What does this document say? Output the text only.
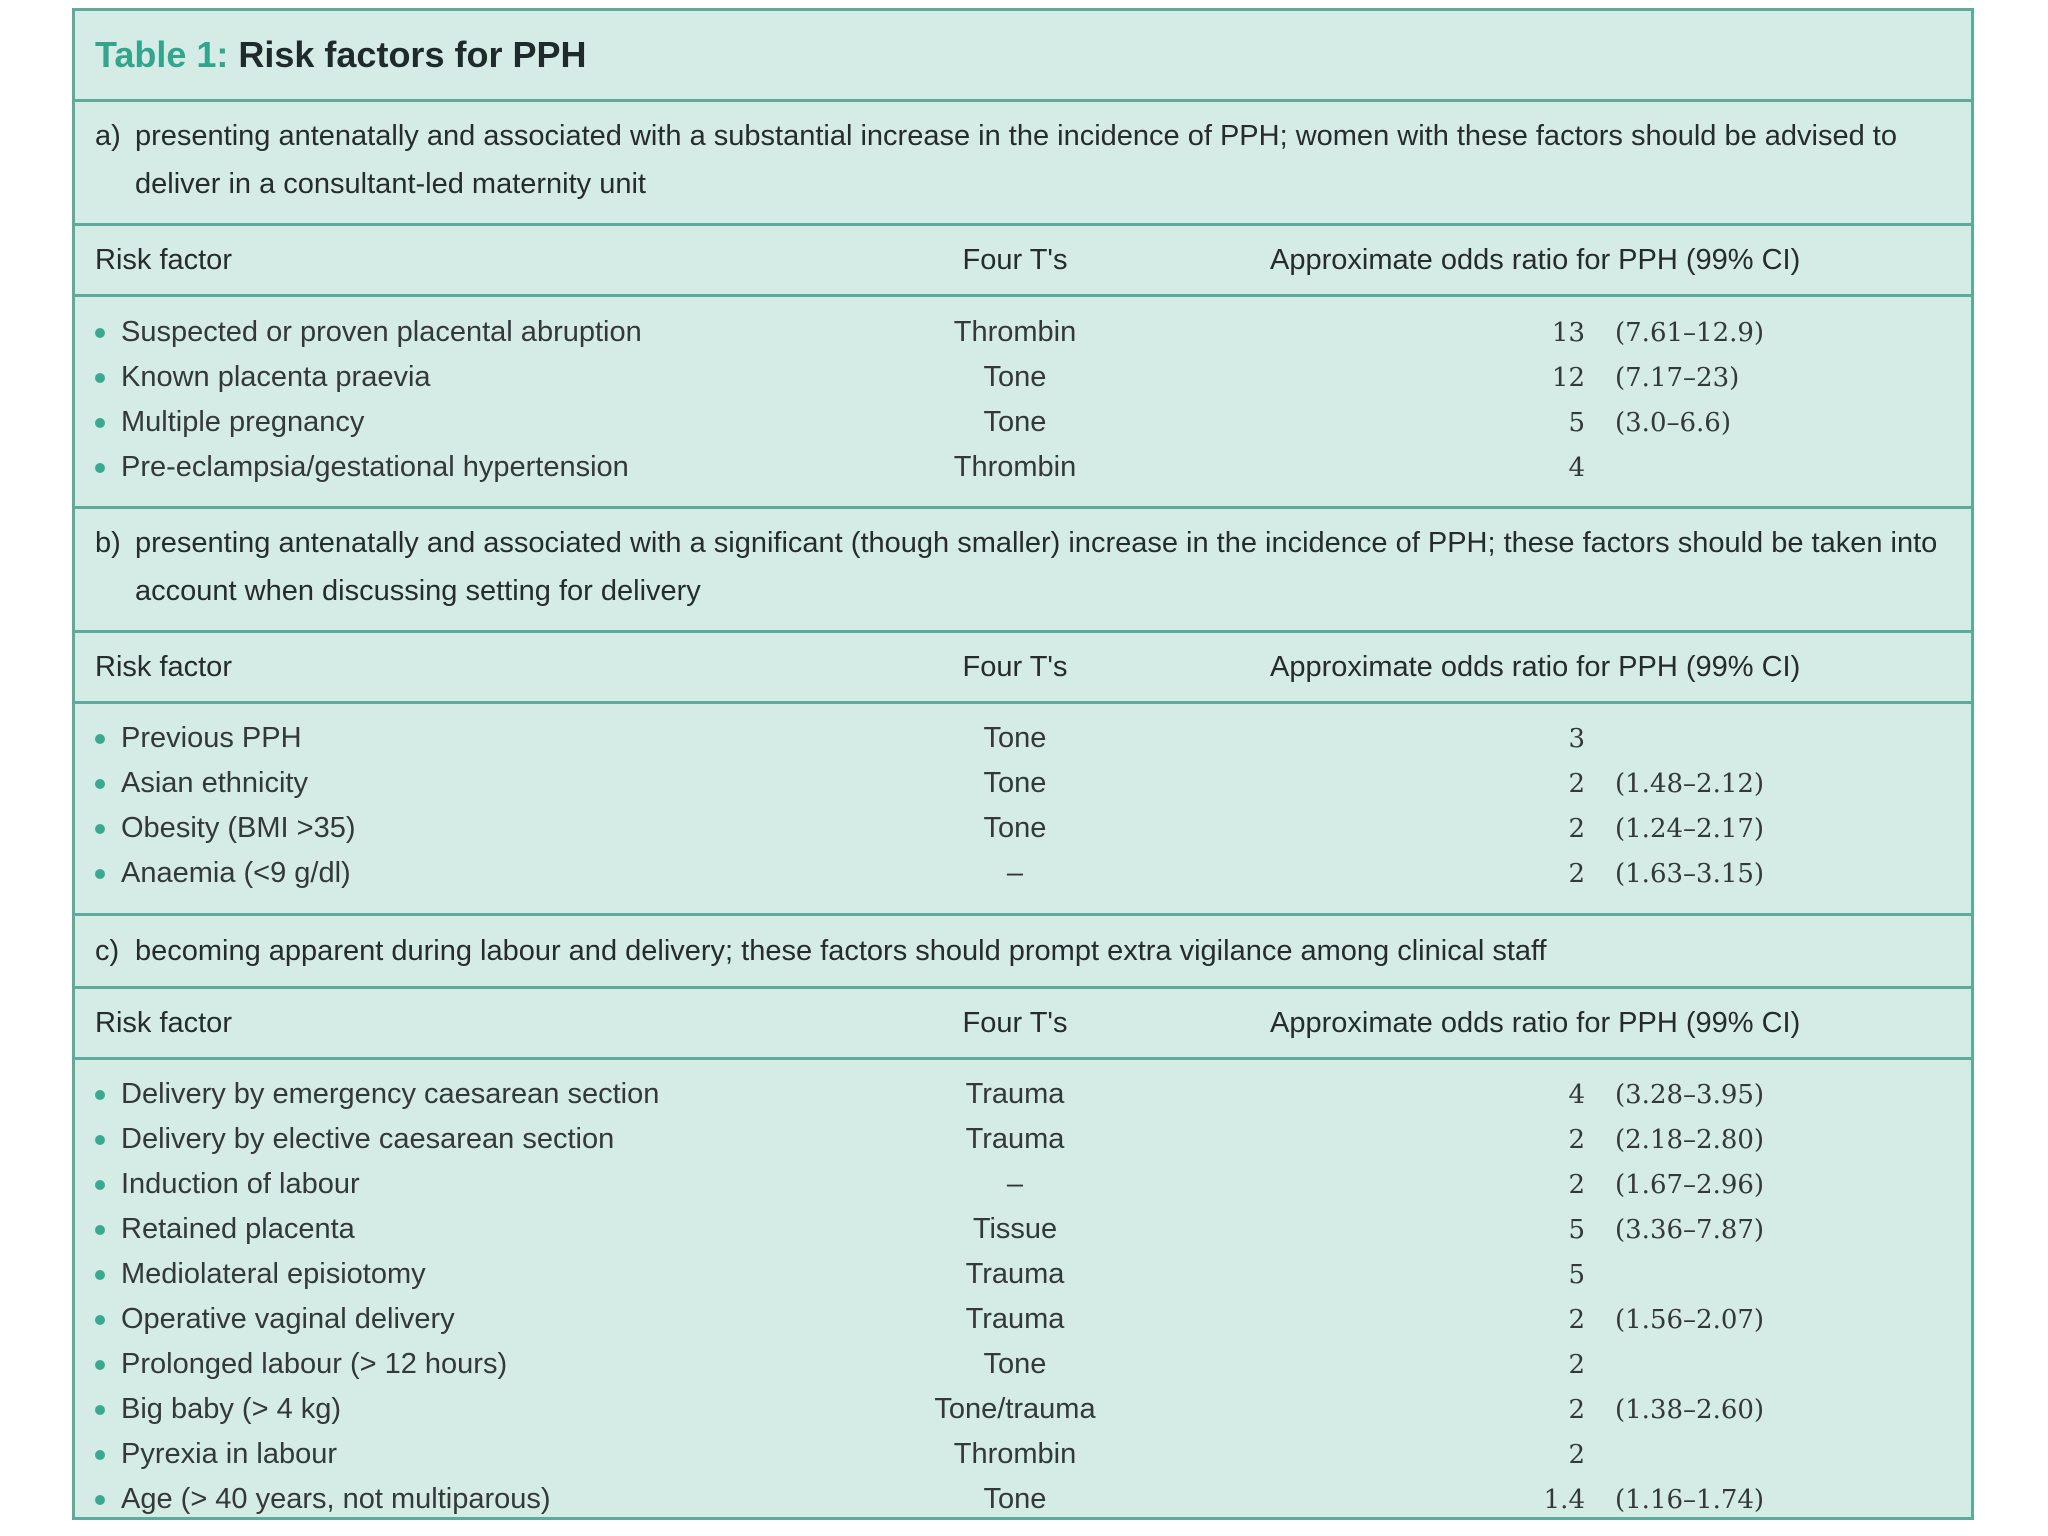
Table 1: Risk factors for PPH
a) presenting antenatally and associated with a substantial increase in the incidence of PPH; women with these factors should be advised to deliver in a consultant-led maternity unit
Risk factor	Four T's	Approximate odds ratio for PPH (99% CI)
Suspected or proven placental abruption	Thrombin	13	(7.61–12.9)
Known placenta praevia	Tone	12	(7.17–23)
Multiple pregnancy	Tone	5	(3.0–6.6)
Pre-eclampsia/gestational hypertension	Thrombin	4
b) presenting antenatally and associated with a significant (though smaller) increase in the incidence of PPH; these factors should be taken into account when discussing setting for delivery
Risk factor	Four T's	Approximate odds ratio for PPH (99% CI)
Previous PPH	Tone	3
Asian ethnicity	Tone	2	(1.48–2.12)
Obesity (BMI >35)	Tone	2	(1.24–2.17)
Anaemia (<9 g/dl)	–	2	(1.63–3.15)
c) becoming apparent during labour and delivery; these factors should prompt extra vigilance among clinical staff
Risk factor	Four T's	Approximate odds ratio for PPH (99% CI)
Delivery by emergency caesarean section	Trauma	4	(3.28–3.95)
Delivery by elective caesarean section	Trauma	2	(2.18–2.80)
Induction of labour	–	2	(1.67–2.96)
Retained placenta	Tissue	5	(3.36–7.87)
Mediolateral episiotomy	Trauma	5
Operative vaginal delivery	Trauma	2	(1.56–2.07)
Prolonged labour (> 12 hours)	Tone	2
Big baby (> 4 kg)	Tone/trauma	2	(1.38–2.60)
Pyrexia in labour	Thrombin	2
Age (> 40 years, not multiparous)	Tone	1.4	(1.16–1.74)
